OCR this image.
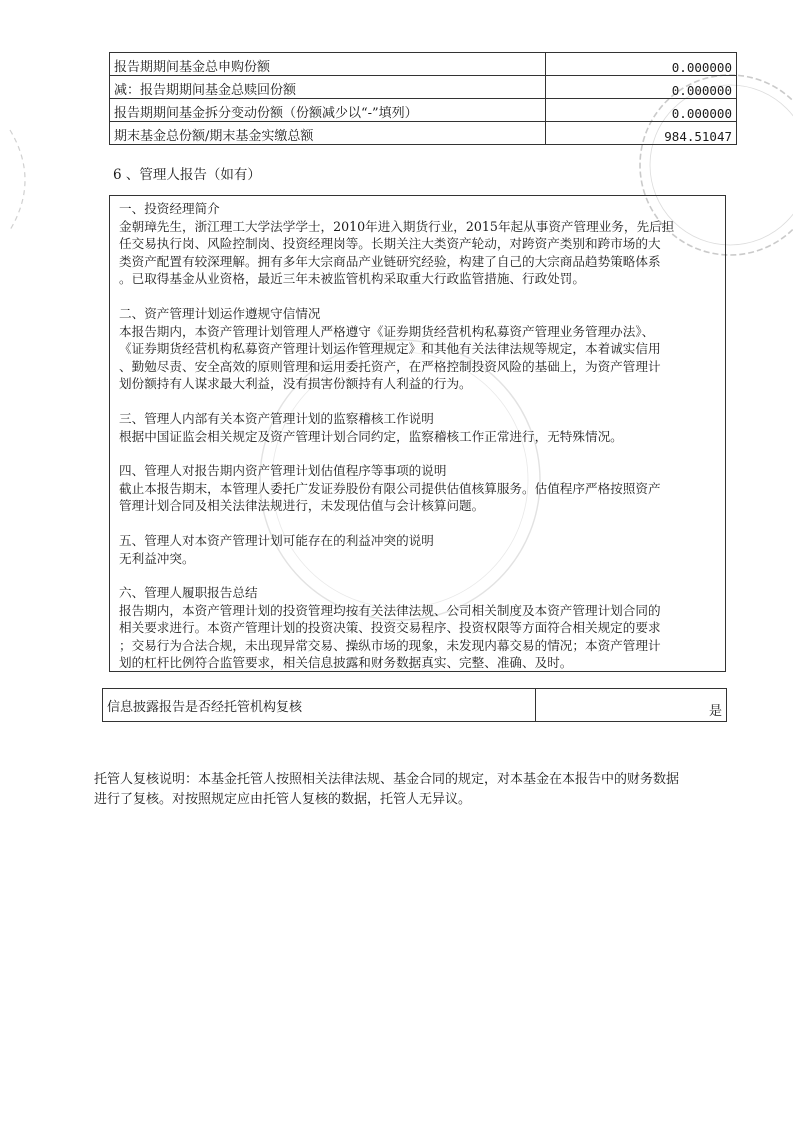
报告期期间基金总申购份额	0.000000
减：报告期期间基金总赎回份额	0.000000
报告期期间基金拆分变动份额（份额减少以“-”填列）	0.000000
期末基金总份额/期末基金实缴总额	984.51047
6 、管理人报告（如有）

一、投资经理简介

金朝璋先生，浙江理工大学法学学士，2010年进入期货行业，2015年起从事资产管理业务，先后担

任交易执行岗、风险控制岗、投资经理岗等。长期关注大类资产轮动，对跨资产类别和跨市场的大

类资产配置有较深理解。拥有多年大宗商品产业链研究经验，构建了自己的大宗商品趋势策略体系

。已取得基金从业资格，最近三年未被监管机构采取重大行政监管措施、行政处罚。

二、资产管理计划运作遵规守信情况

本报告期内，本资产管理计划管理人严格遵守《证券期货经营机构私募资产管理业务管理办法》、

《证券期货经营机构私募资产管理计划运作管理规定》和其他有关法律法规等规定，本着诚实信用

、勤勉尽责、安全高效的原则管理和运用委托资产，在严格控制投资风险的基础上，为资产管理计

划份额持有人谋求最大利益，没有损害份额持有人利益的行为。

三、管理人内部有关本资产管理计划的监察稽核工作说明

根据中国证监会相关规定及资产管理计划合同约定，监察稽核工作正常进行，无特殊情况。

四、管理人对报告期内资产管理计划估值程序等事项的说明

截止本报告期末，本管理人委托广发证券股份有限公司提供估值核算服务。估值程序严格按照资产

管理计划合同及相关法律法规进行，未发现估值与会计核算问题。

五、管理人对本资产管理计划可能存在的利益冲突的说明

无利益冲突。

六、管理人履职报告总结

报告期内，本资产管理计划的投资管理均按有关法律法规、公司相关制度及本资产管理计划合同的

相关要求进行。本资产管理计划的投资决策、投资交易程序、投资权限等方面符合相关规定的要求

；交易行为合法合规，未出现异常交易、操纵市场的现象，未发现内幕交易的情况；本资产管理计

划的杠杆比例符合监管要求，相关信息披露和财务数据真实、完整、准确、及时。

信息披露报告是否经托管机构复核	是

托管人复核说明：本基金托管人按照相关法律法规、基金合同的规定，对本基金在本报告中的财务数据

进行了复核。对按照规定应由托管人复核的数据，托管人无异议。
